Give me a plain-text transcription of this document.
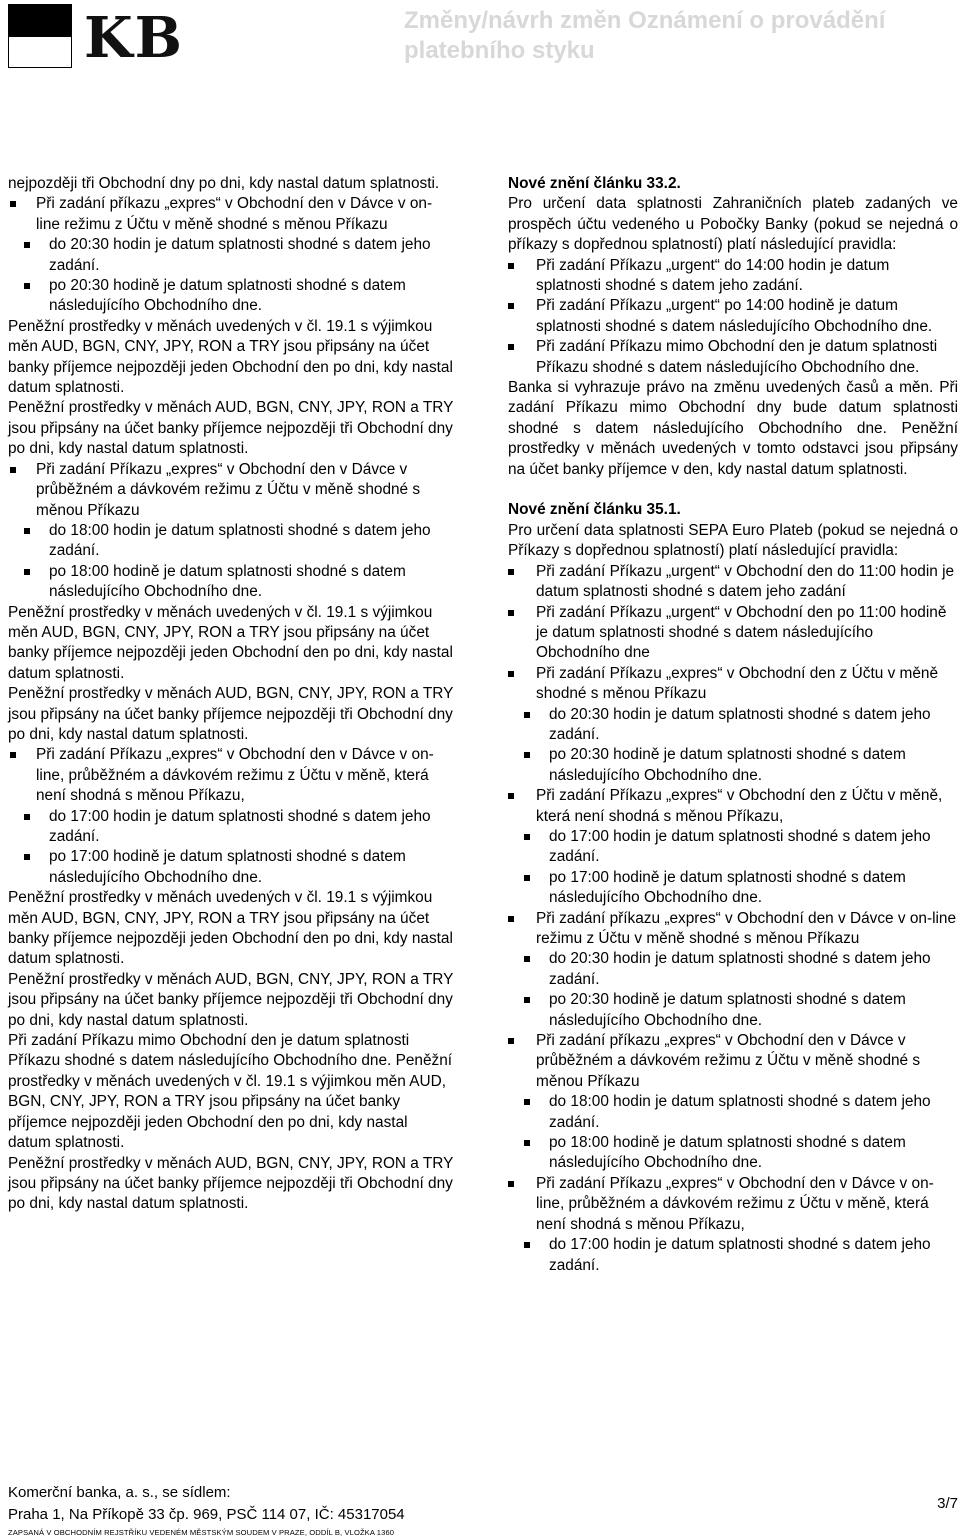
KB	Změny/návrh změn Oznámení o provádění platebního styku
nejpozději tři Obchodní dny po dni, kdy nastal datum splatnosti.
Při zadání příkazu „expres“ v Obchodní den v Dávce v on-line režimu z Účtu v měně shodné s měnou Příkazu
do 20:30 hodin je datum splatnosti shodné s datem jeho zadání.
po 20:30 hodině je datum splatnosti shodné s datem následujícího Obchodního dne.
Peněžní prostředky v měnách uvedených v čl. 19.1 s výjimkou měn AUD, BGN, CNY, JPY, RON a TRY jsou připsány na účet banky příjemce nejpozději jeden Obchodní den po dni, kdy nastal datum splatnosti.
Peněžní prostředky v měnách AUD, BGN, CNY, JPY, RON a TRY jsou připsány na účet banky příjemce nejpozději tři Obchodní dny po dni, kdy nastal datum splatnosti.
Při zadání Příkazu „expres“ v Obchodní den v Dávce v průběžném a dávkovém režimu z Účtu v měně shodné s měnou Příkazu
do 18:00 hodin je datum splatnosti shodné s datem jeho zadání.
po 18:00 hodině je datum splatnosti shodné s datem následujícího Obchodního dne.
Peněžní prostředky v měnách uvedených v čl. 19.1 s výjimkou měn AUD, BGN, CNY, JPY, RON a TRY jsou připsány na účet banky příjemce nejpozději jeden Obchodní den po dni, kdy nastal datum splatnosti.
Peněžní prostředky v měnách AUD, BGN, CNY, JPY, RON a TRY jsou připsány na účet banky příjemce nejpozději tři Obchodní dny po dni, kdy nastal datum splatnosti.
Při zadání Příkazu „expres“ v Obchodní den v Dávce v on-line, průběžném a dávkovém režimu z Účtu v měně, která není shodná s měnou Příkazu,
do 17:00 hodin je datum splatnosti shodné s datem jeho zadání.
po 17:00 hodině je datum splatnosti shodné s datem následujícího Obchodního dne.
Peněžní prostředky v měnách uvedených v čl. 19.1 s výjimkou měn AUD, BGN, CNY, JPY, RON a TRY jsou připsány na účet banky příjemce nejpozději jeden Obchodní den po dni, kdy nastal datum splatnosti.
Peněžní prostředky v měnách AUD, BGN, CNY, JPY, RON a TRY jsou připsány na účet banky příjemce nejpozději tři Obchodní dny po dni, kdy nastal datum splatnosti.
Při zadání Příkazu mimo Obchodní den je datum splatnosti Příkazu shodné s datem následujícího Obchodního dne. Peněžní prostředky v měnách uvedených v čl. 19.1 s výjimkou měn AUD, BGN, CNY, JPY, RON a TRY jsou připsány na účet banky příjemce nejpozději jeden Obchodní den po dni, kdy nastal datum splatnosti.
Peněžní prostředky v měnách AUD, BGN, CNY, JPY, RON a TRY jsou připsány na účet banky příjemce nejpozději tři Obchodní dny po dni, kdy nastal datum splatnosti.
Nové znění článku 33.2.
Pro určení data splatnosti Zahraničních plateb zadaných ve prospěch účtu vedeného u Pobočky Banky (pokud se nejedná o příkazy s dopřednou splatností) platí následující pravidla:
Při zadání Příkazu „urgent“ do 14:00 hodin je datum splatnosti shodné s datem jeho zadání.
Při zadání Příkazu „urgent“ po 14:00 hodině je datum splatnosti shodné s datem následujícího Obchodního dne.
Při zadání Příkazu mimo Obchodní den je datum splatnosti Příkazu shodné s datem následujícího Obchodního dne.
Banka si vyhrazuje právo na změnu uvedených časů a měn. Při zadání Příkazu mimo Obchodní dny bude datum splatnosti shodné s datem následujícího Obchodního dne. Peněžní prostředky v měnách uvedených v tomto odstavci jsou připsány na účet banky příjemce v den, kdy nastal datum splatnosti.
Nové znění článku 35.1.
Pro určení data splatnosti SEPA Euro Plateb (pokud se nejedná o Příkazy s dopřednou splatností) platí následující pravidla:
Při zadání Příkazu „urgent“ v Obchodní den do 11:00 hodin je datum splatnosti shodné s datem jeho zadání
Při zadání Příkazu „urgent“ v Obchodní den po 11:00 hodině je datum splatnosti shodné s datem následujícího Obchodního dne
Při zadání Příkazu „expres“ v Obchodní den z Účtu v měně shodné s měnou Příkazu
do 20:30 hodin je datum splatnosti shodné s datem jeho zadání.
po 20:30 hodině je datum splatnosti shodné s datem následujícího Obchodního dne.
Při zadání Příkazu „expres“ v Obchodní den z Účtu v měně, která není shodná s měnou Příkazu,
do 17:00 hodin je datum splatnosti shodné s datem jeho zadání.
po 17:00 hodině je datum splatnosti shodné s datem následujícího Obchodního dne.
Při zadání příkazu „expres“ v Obchodní den v Dávce v on-line režimu z Účtu v měně shodné s měnou Příkazu
do 20:30 hodin je datum splatnosti shodné s datem jeho zadání.
po 20:30 hodině je datum splatnosti shodné s datem následujícího Obchodního dne.
Při zadání příkazu „expres“ v Obchodní den v Dávce v průběžném a dávkovém režimu z Účtu v měně shodné s měnou Příkazu
do 18:00 hodin je datum splatnosti shodné s datem jeho zadání.
po 18:00 hodině je datum splatnosti shodné s datem následujícího Obchodního dne.
Při zadání Příkazu „expres“ v Obchodní den v Dávce v on-line, průběžném a dávkovém režimu z Účtu v měně, která není shodná s měnou Příkazu,
do 17:00 hodin je datum splatnosti shodné s datem jeho zadání.
Komerční banka, a. s., se sídlem:
Praha 1, Na Příkopě 33 čp. 969, PSČ 114 07, IČ: 45317054
ZAPSANÁ V OBCHODNÍM REJSTŘÍKU VEDENÉM MĚSTSKÝM SOUDEM V PRAZE, ODDÍL B, VLOŽKA 1360
3/7
